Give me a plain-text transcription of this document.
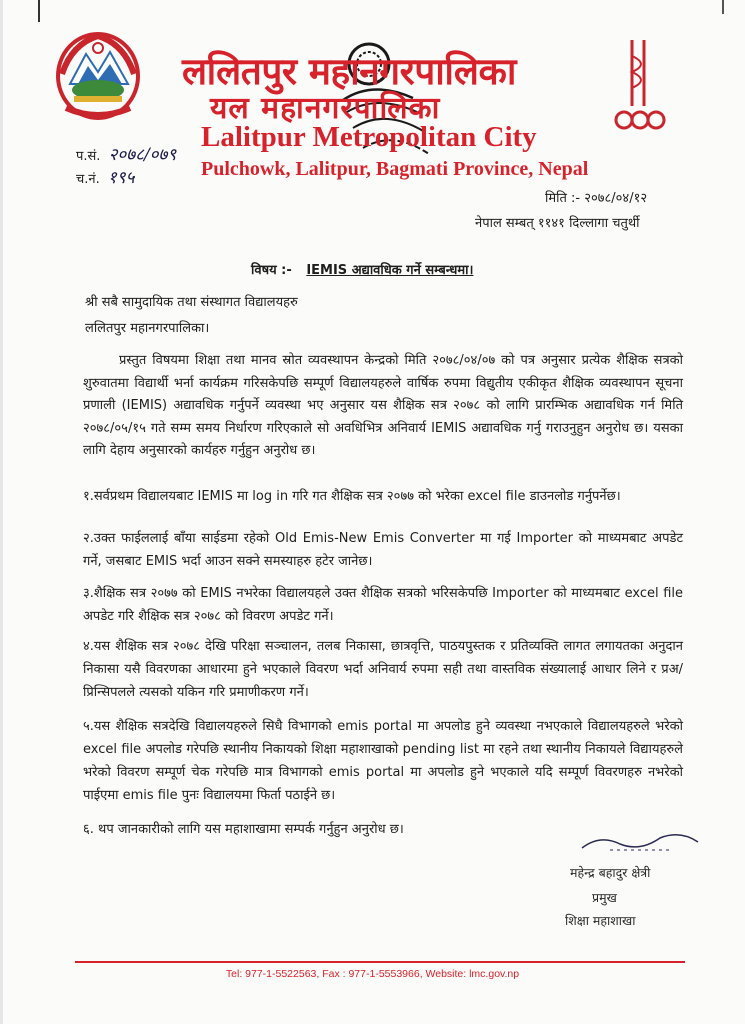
ललितपुर महानगरपालिका
यल महानगरपालिका
Lalitpur Metropolitan City
Pulchowk, Lalitpur, Bagmati Province, Nepal
प.सं. २०७८/०७९
च.नं. १९५
मिति :- २०७८/०४/१२
नेपाल सम्बत् ११४१ दिल्लागा चतुर्थी
विषय :- IEMIS अद्यावधिक गर्ने सम्बन्धमा।
श्री सबै सामुदायिक तथा संस्थागत विद्यालयहरु
ललितपुर महानगरपालिका।
प्रस्तुत विषयमा शिक्षा तथा मानव स्रोत व्यवस्थापन केन्द्रको मिति २०७८/०४/०७ को पत्र अनुसार प्रत्येक शैक्षिक सत्रको शुरुवातमा विद्यार्थी भर्ना कार्यक्रम गरिसकेपछि सम्पूर्ण विद्यालयहरुले वार्षिक रुपमा विद्युतीय एकीकृत शैक्षिक व्यवस्थापन सूचना प्रणाली (IEMIS) अद्यावधिक गर्नुपर्ने व्यवस्था भए अनुसार यस शैक्षिक सत्र २०७८ को लागि प्रारम्भिक अद्यावधिक गर्न मिति २०७८/०५/१५ गते सम्म समय निर्धारण गरिएकाले सो अवधिभित्र अनिवार्य IEMIS अद्यावधिक गर्नु गराउनुहुन अनुरोध छ। यसका लागि देहाय अनुसारको कार्यहरु गर्नुहुन अनुरोध छ।
१.सर्वप्रथम विद्यालयबाट IEMIS मा log in गरि गत शैक्षिक सत्र २०७७ को भरेका excel file डाउनलोड गर्नुपर्नेछ।
२.उक्त फाईललाई बाँया साईडमा रहेको Old Emis-New Emis Converter मा गई Importer को माध्यमबाट अपडेट गर्ने, जसबाट EMIS भर्दा आउन सक्ने समस्याहरु हटेर जानेछ।
३.शैक्षिक सत्र २०७७ को EMIS नभरेका विद्यालयहले उक्त शैक्षिक सत्रको भरिसकेपछि Importer को माध्यमबाट excel file अपडेट गरि शैक्षिक सत्र २०७८ को विवरण अपडेट गर्ने।
४.यस शैक्षिक सत्र २०७८ देखि परिक्षा सञ्चालन, तलब निकासा, छात्रवृत्ति, पाठयपुस्तक र प्रतिव्यक्ति लागत लगायतका अनुदान निकासा यसै विवरणका आधारमा हुने भएकाले विवरण भर्दा अनिवार्य रुपमा सही तथा वास्तविक संख्यालाई आधार लिने र प्रअ/प्रिन्सिपलले त्यसको यकिन गरि प्रमाणीकरण गर्ने।
५.यस शैक्षिक सत्रदेखि विद्यालयहरुले सिधै विभागको emis portal मा अपलोड हुने व्यवस्था नभएकाले विद्यालयहरुले भरेको excel file अपलोड गरेपछि स्थानीय निकायको शिक्षा महाशाखाको pending list मा रहने तथा स्थानीय निकायले विद्यायहरुले भरेको विवरण सम्पूर्ण चेक गरेपछि मात्र विभागको emis portal मा अपलोड हुने भएकाले यदि सम्पूर्ण विवरणहरु नभरेको पाईएमा emis file पुनः विद्यालयमा फिर्ता पठाईने छ।
६. थप जानकारीको लागि यस महाशाखामा सम्पर्क गर्नुहुन अनुरोध छ।
महेन्द्र बहादुर क्षेत्री
प्रमुख
शिक्षा महाशाखा
Tel: 977-1-5522563, Fax : 977-1-5553966, Website: lmc.gov.np
